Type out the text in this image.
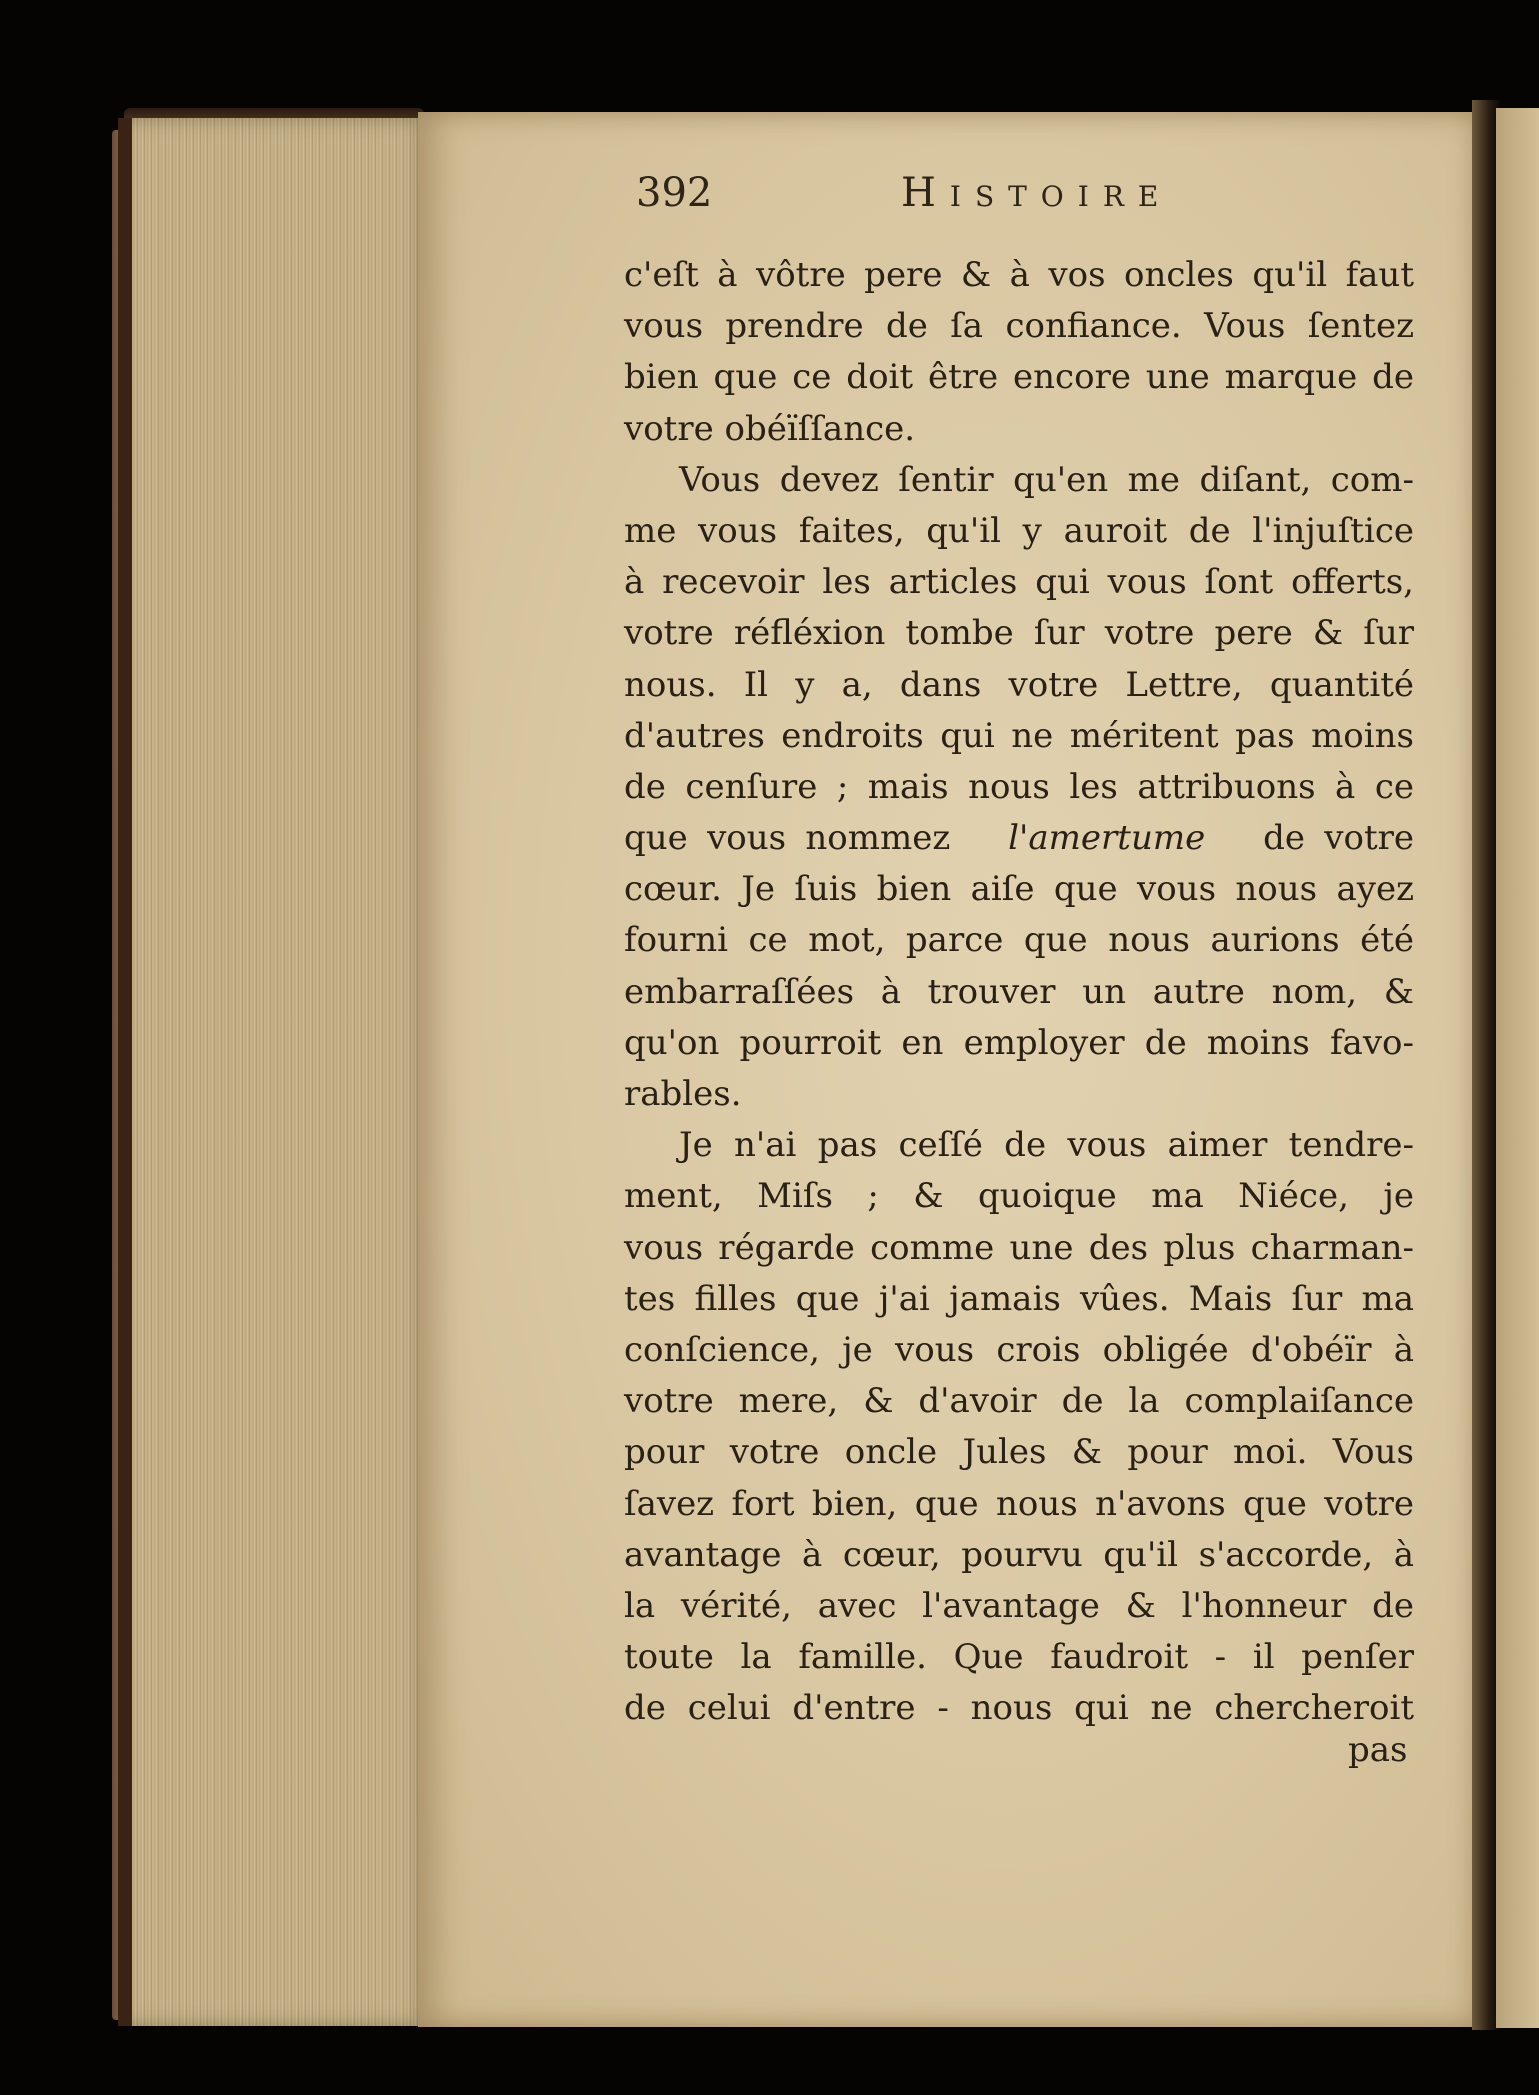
392	Histoire
c'eſt à vôtre pere & à vos oncles qu'il faut
vous prendre de ſa confiance. Vous ſentez
bien que ce doit être encore une marque de
votre obéïſſance.
Vous devez ſentir qu'en me diſant, com-
me vous faites, qu'il y auroit de l'injuſtice
à recevoir les articles qui vous ſont offerts,
votre réfléxion tombe ſur votre pere & ſur
nous. Il y a, dans votre Lettre, quantité
d'autres endroits qui ne méritent pas moins
de cenſure ; mais nous les attribuons à ce
que vous nommez l'amertume de votre
cœur. Je ſuis bien aiſe que vous nous ayez
fourni ce mot, parce que nous aurions été
embarraſſées à trouver un autre nom, &
qu'on pourroit en employer de moins favo-
rables.
Je n'ai pas ceſſé de vous aimer tendre-
ment, Miſs ; & quoique ma Niéce, je
vous régarde comme une des plus charman-
tes filles que j'ai jamais vûes. Mais ſur ma
conſcience, je vous crois obligée d'obéïr à
votre mere, & d'avoir de la complaiſance
pour votre oncle Jules & pour moi. Vous
ſavez fort bien, que nous n'avons que votre
avantage à cœur, pourvu qu'il s'accorde, à
la vérité, avec l'avantage & l'honneur de
toute la famille. Que faudroit - il penſer
de celui d'entre - nous qui ne chercheroit
pas
